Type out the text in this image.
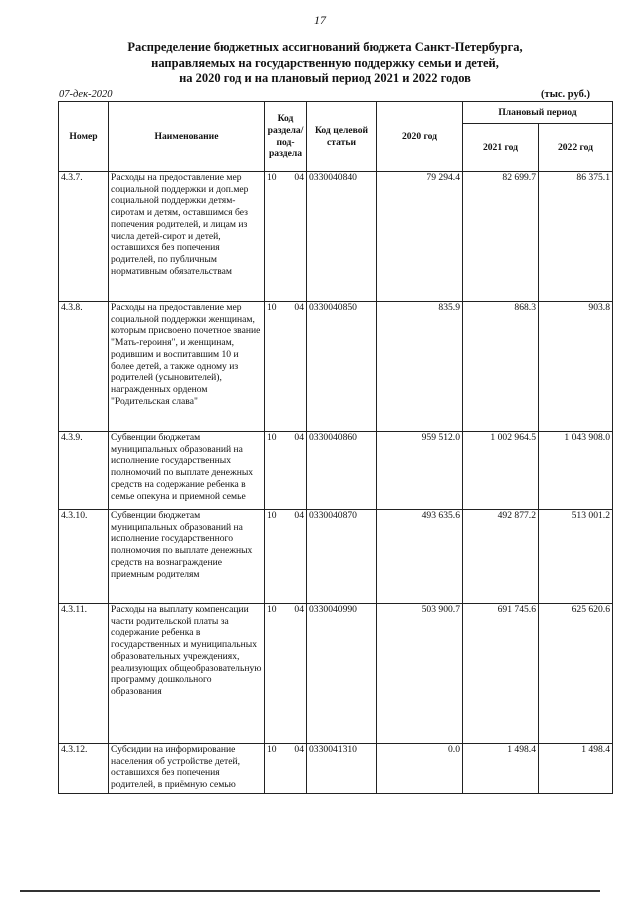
17
Распределение бюджетных ассигнований бюджета Санкт-Петербурга,
направляемых на государственную поддержку семьи и детей,
на 2020 год и на плановый период 2021 и 2022 годов
07-дек-2020	(тыс. руб.)
Номер	Наименование	Код раздела/ под- раздела	Код целевой статьи	2020 год	Плановый период	
					2021 год	2022 год
4.3.7.	Расходы на предоставление мер социальной поддержки и доп.мер социальной поддержки детям-сиротам и детям, оставшимся без попечения родителей, и лицам из числа детей-сирот и детей, оставшихся без попечения родителей, по публичным нормативным обязательствам	10 04	0330040840	79 294.4	82 699.7	86 375.1
4.3.8.	Расходы на предоставление мер социальной поддержки женщинам, которым присвоено почетное звание "Мать-героиня", и женщинам, родившим и воспитавшим 10 и более детей, а также одному из родителей (усыновителей), награжденных орденом "Родительская слава"	10 04	0330040850	835.9	868.3	903.8
4.3.9.	Субвенции бюджетам муниципальных образований на исполнение государственных полномочий по выплате денежных средств на содержание ребенка в семье опекуна и приемной семье	10 04	0330040860	959 512.0	1 002 964.5	1 043 908.0
4.3.10.	Субвенции бюджетам муниципальных образований на исполнение государственного полномочия по выплате денежных средств на вознаграждение приемным родителям	10 04	0330040870	493 635.6	492 877.2	513 001.2
4.3.11.	Расходы на выплату компенсации части родительской платы за содержание ребенка в государственных и муниципальных образовательных учреждениях, реализующих общеобразовательную программу дошкольного образования	10 04	0330040990	503 900.7	691 745.6	625 620.6
4.3.12.	Субсидии на информирование населения об устройстве детей, оставшихся без попечения родителей, в приёмную семью	10 04	0330041310	0.0	1 498.4	1 498.4
